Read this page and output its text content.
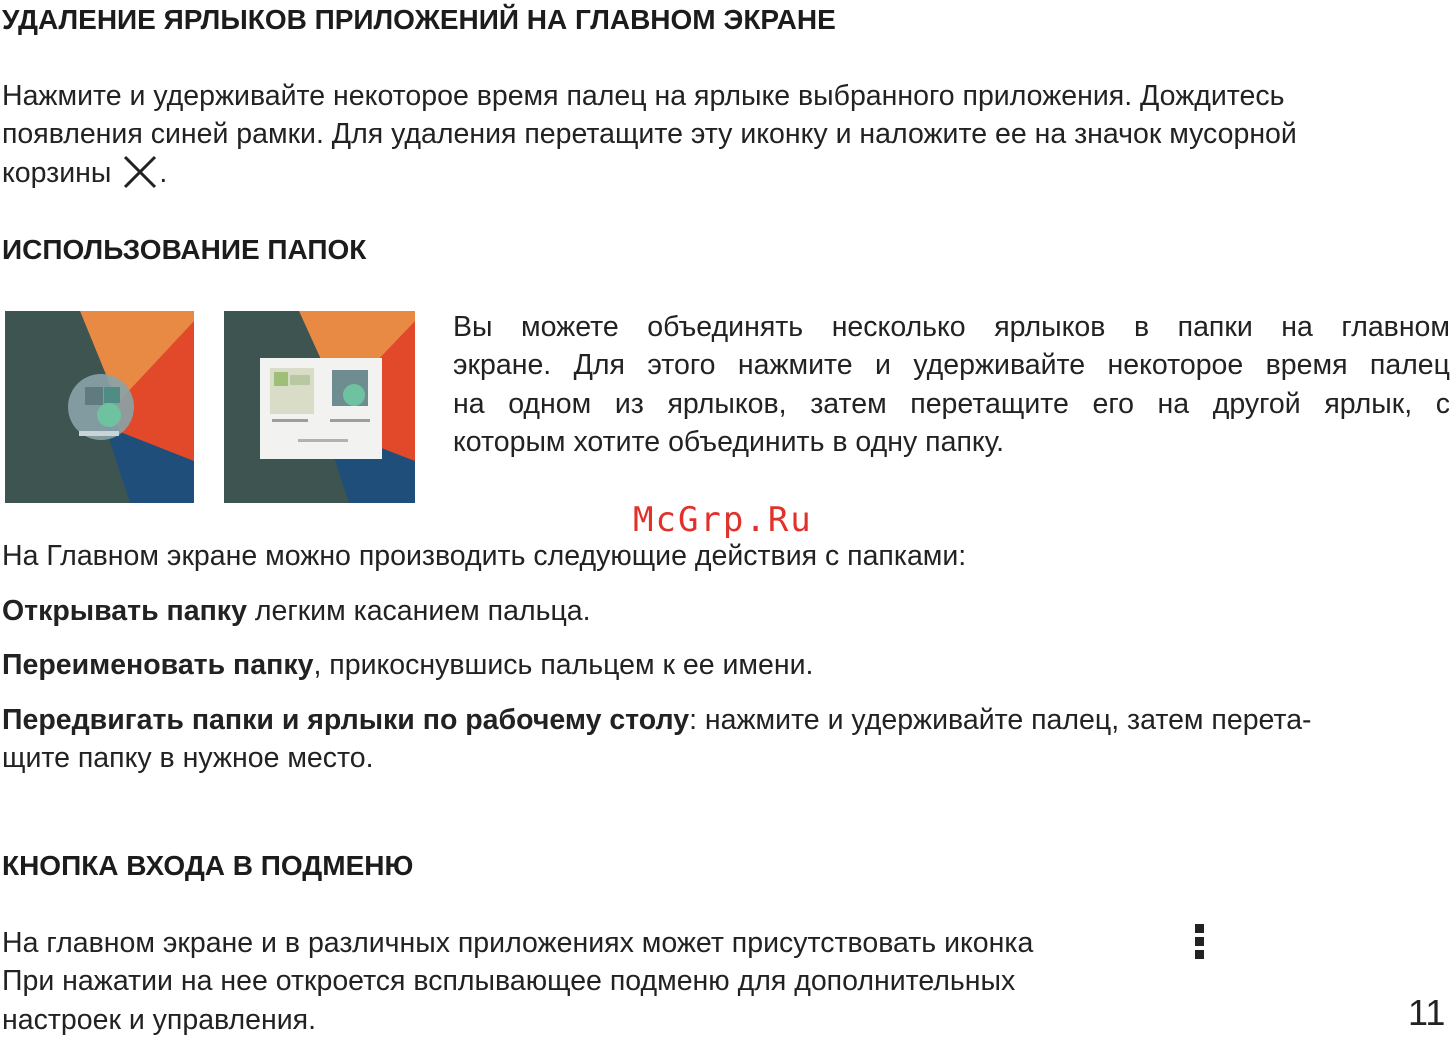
УДАЛЕНИЕ ЯРЛЫКОВ ПРИЛОЖЕНИЙ НА ГЛАВНОМ ЭКРАНЕ
Нажмите и удерживайте некоторое время палец на ярлыке выбранного приложения. Дождитесь
появления синей рамки. Для удаления перетащите эту иконку и наложите ее на значок мусорной
корзины .
ИСПОЛЬЗОВАНИЕ ПАПОК
Вы можете объединять несколько ярлыков в папки на главном
экране. Для этого нажмите и удерживайте некоторое время палец
на одном из ярлыков, затем перетащите его на другой ярлык, с
которым хотите объединить в одну папку.
McGrp.Ru
На Главном экране можно производить следующие действия с папками:
Открывать папку легким касанием пальца.
Переименовать папку, прикоснувшись пальцем к ее имени.
Передвигать папки и ярлыки по рабочему столу: нажмите и удерживайте палец, затем перета-
щите папку в нужное место.
КНОПКА ВХОДА В ПОДМЕНЮ
На главном экране и в различных приложениях может присутствовать иконка
При нажатии на нее откроется всплывающее подменю для дополнительных
настроек и управления.	11
